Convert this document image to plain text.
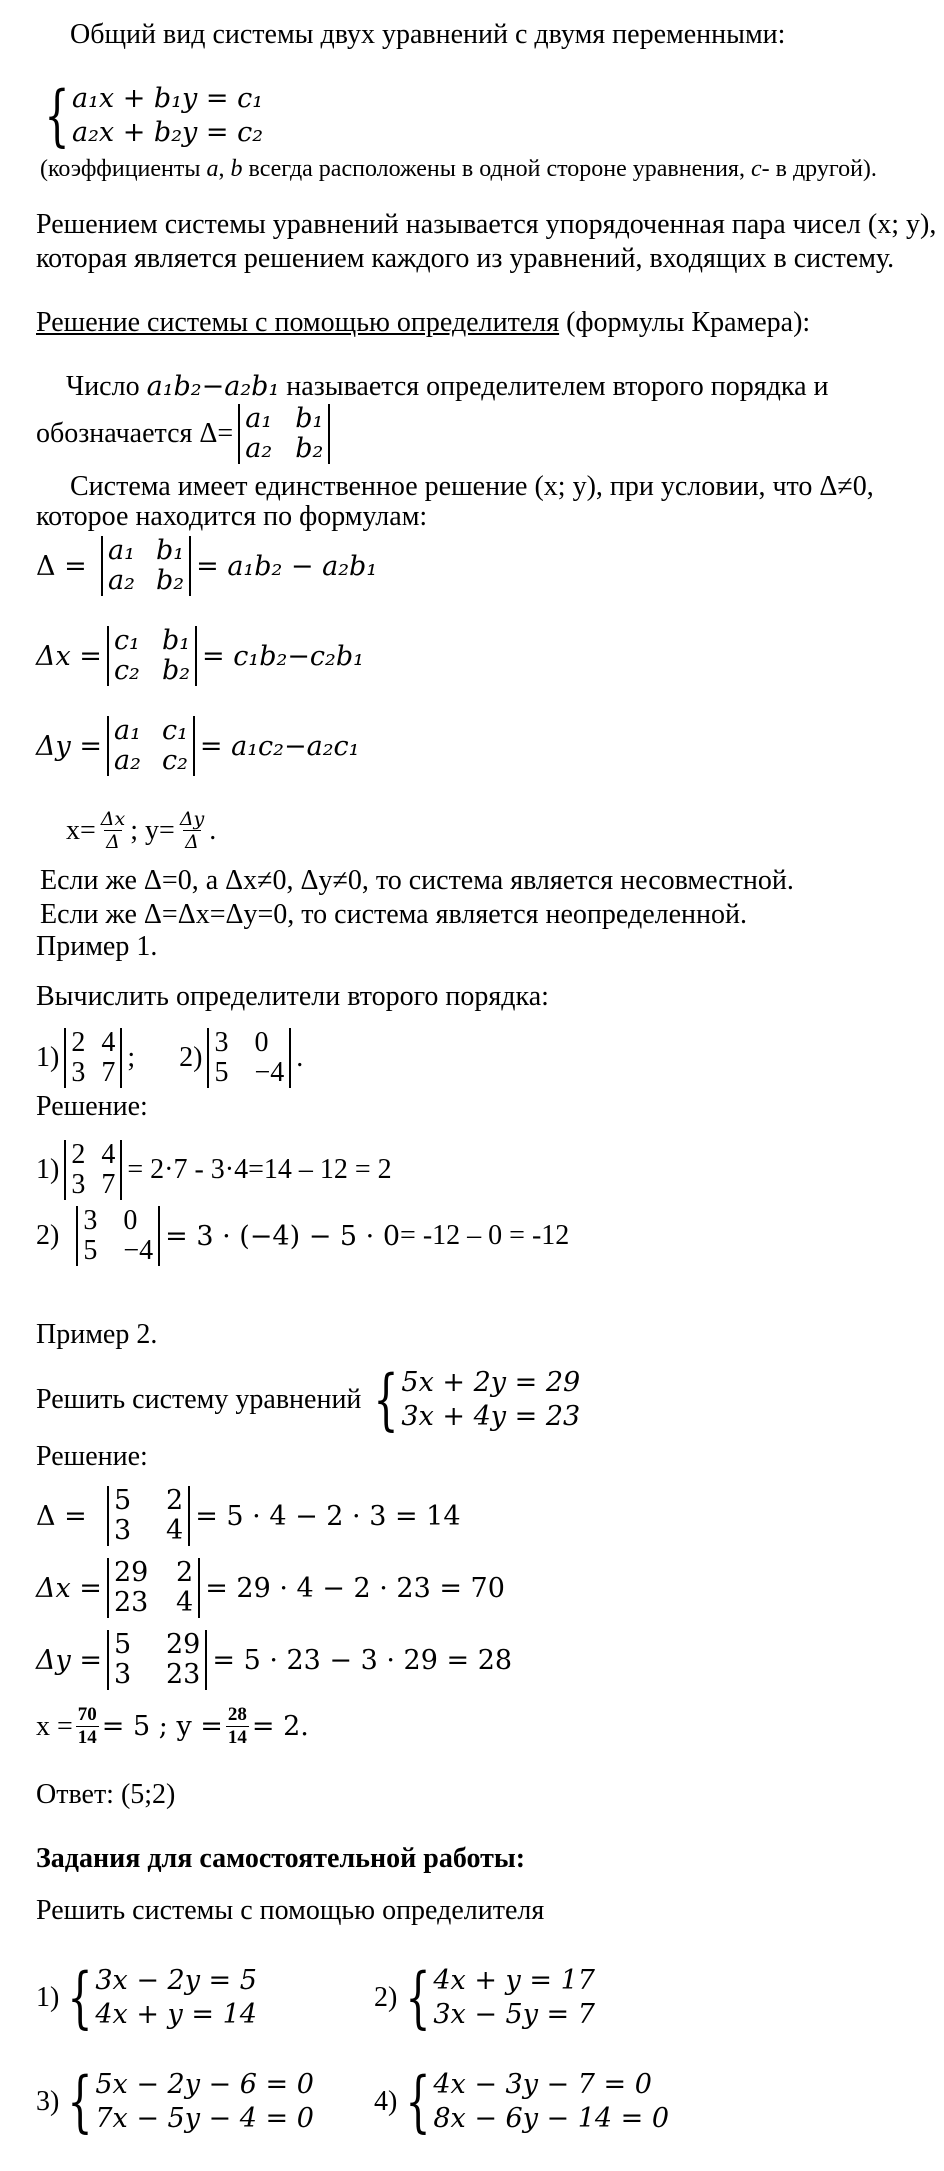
Общий вид системы двух уравнений с двумя переменными:
{ a₁x + b₁y = c₁
a₂x + b₂y = c₂
(коэффициенты a, b всегда расположены в одной стороне уравнения, c- в другой).
Решением системы уравнений называется упорядоченная пара чисел (x; y),
которая является решением каждого из уравнений, входящих в систему.
Решение системы с помощью определителя (формулы Крамера):
Число a₁b₂−a₂b₁ называется определителем второго порядка и
обозначается Δ= a₁ b₁
a₂ b₂
Система имеет единственное решение (x; y), при условии, что Δ≠0,
которое находится по формулам:
Δ = a₁ b₁
a₂ b₂ = a₁b₂ − a₂b₁
Δx = c₁ b₁
c₂ b₂ = c₁b₂−c₂b₁
Δy = a₁ c₁
a₂ c₂ = a₁c₂−a₂c₁
$x= \frac{\Delta x}{\Delta}$ ; $y= \frac{\Delta y}{\Delta}$ .
Если же Δ=0, а Δx≠0, Δy≠0, то система является несовместной.
Если же Δ=Δx=Δy=0, то система является неопределенной.
Пример 1.
Вычислить определители второго порядка:
1) 2 4
3 7 ; 2) 3 0
5 −4 .
Решение:
1) 2 4
3 7 = 2·7 - 3·4=14 – 12 = 2
2) 3 0
5 −4 = 3 · (−4) − 5 · 0 = -12 – 0 = -12
Пример 2.
Решить систему уравнений { 5x + 2y = 29
3x + 4y = 23
Решение:
Δ =	5	2
3	4 = 5 · 4 − 2 · 3 = 14
Δx = 29	2
23	4 = 29 · 4 − 2 · 23 = 70
Δy = 5	29
3	23 = 5 · 23 − 3 · 29 = 28
$x = \frac{70}{14} = 5$ ; $y = \frac{28}{14} = 2$.
Ответ: (5;2)
Задания для самостоятельной работы:
Решить системы с помощью определителя
1) { 3x − 2y = 5
4x + y = 14
2) { 4x + y = 17
3x − 5y = 7
3) { 5x − 2y − 6 = 0
7x − 5y − 4 = 0
4) { 4x − 3y − 7 = 0
8x − 6y − 14 = 0
